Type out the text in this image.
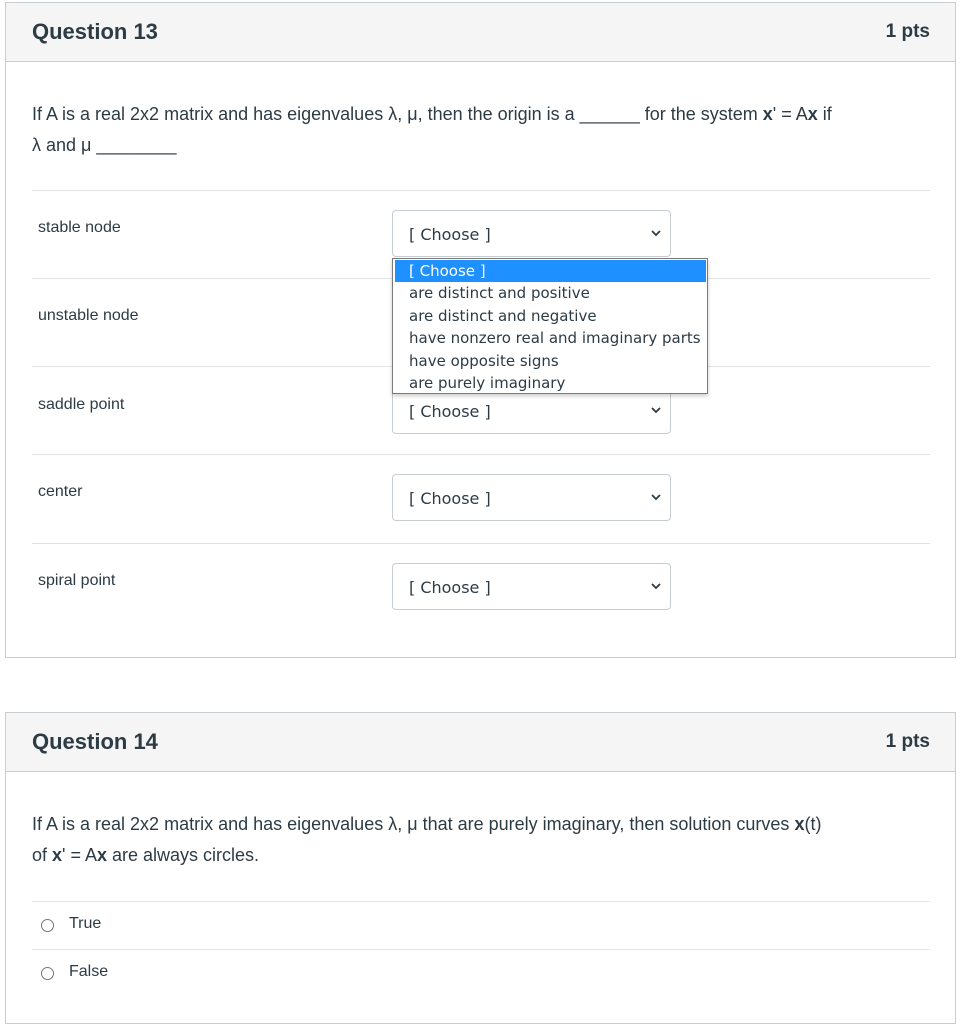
Question 13	1 pts
If A is a real 2x2 matrix and has eigenvalues λ, μ, then the origin is a ______ for the system x' = Ax if
λ and μ ________
stable node	[ Choose ]
unstable node
saddle point	[ Choose ]
center	[ Choose ]
spiral point	[ Choose ]
[ Choose ]
are distinct and positive
are distinct and negative
have nonzero real and imaginary parts
have opposite signs
are purely imaginary
Question 14	1 pts
If A is a real 2x2 matrix and has eigenvalues λ, μ that are purely imaginary, then solution curves x(t)
of x' = Ax are always circles.
True
False
